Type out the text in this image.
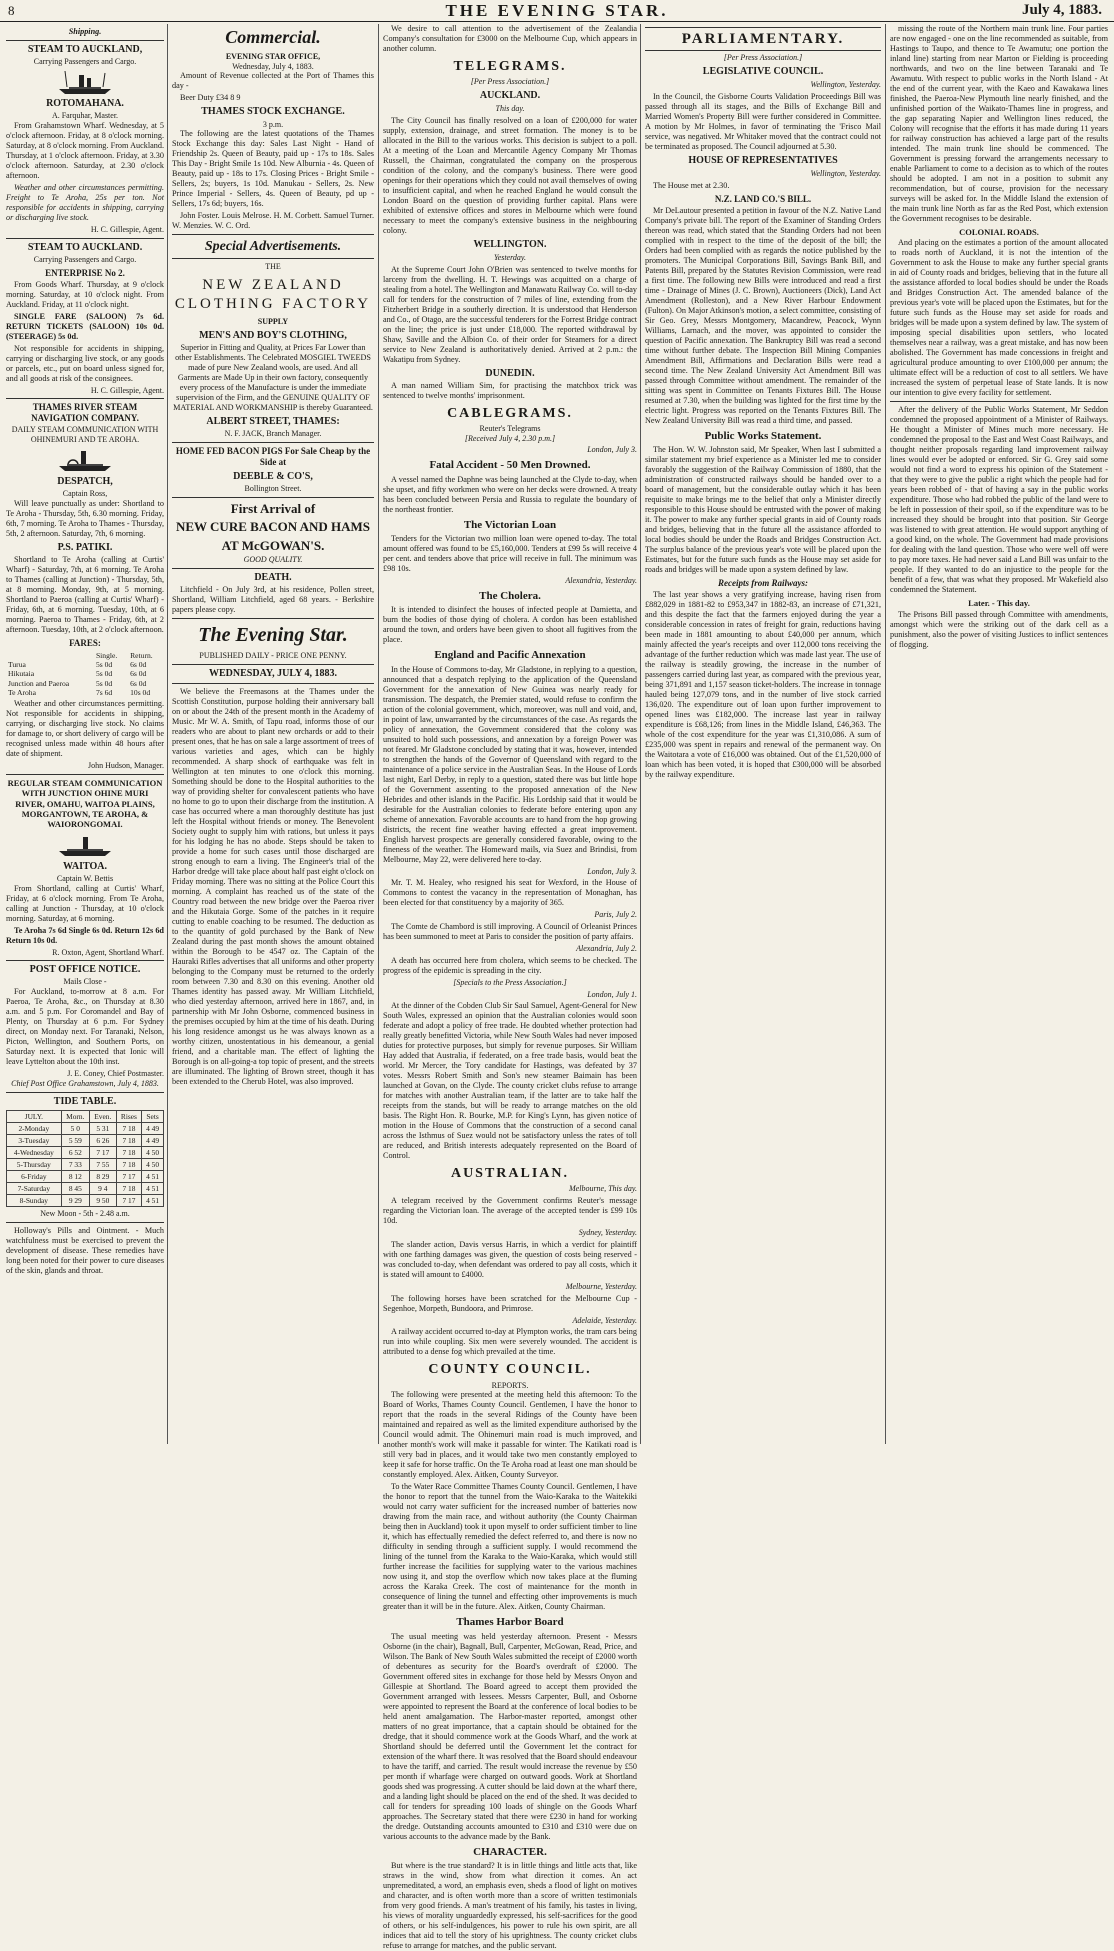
8	THE EVENING STAR.	July 4, 1883.
Shipping.
STEAM TO AUCKLAND,
Carrying Passengers and Cargo.
ROTOMAHANA.
A. Farquhar, Master.

From Grahamstown Wharf. Wednesday, at 5 o'clock afternoon. Friday, at 8 o'clock morning. Saturday, at 8 o'clock morning. From Auckland. Thursday, at 1 o'clock afternoon. Friday, at 3.30 o'clock afternoon. Saturday, at 2.30 o'clock afternoon.

Weather and other circumstances permitting. Freight to Te Aroha, 25s per ton. Not responsible for accidents in shipping, carrying or discharging live stock.

H. C. Gillespie, Agent.
STEAM TO AUCKLAND.
Carrying Passengers and Cargo.
ENTERPRISE No 2.

From Goods Wharf. Thursday, at 9 o'clock morning. Saturday, at 10 o'clock night. From Auckland. Friday, at 11 o'clock night.

SINGLE FARE (SALOON) 7s 6d. RETURN TICKETS (SALOON) 10s 0d. (STEERAGE) 5s 0d.

Not responsible for accidents in shipping, carrying or discharging live stock, or any goods or parcels, etc., put on board unless signed for, and all goods at risk of the consignees.

H. C. Gillespie, Agent.
THAMES RIVER STEAM NAVIGATION COMPANY.
DAILY STEAM COMMUNICATION WITH OHINEMURI AND TE AROHA.
DESPATCH,
Captain Ross,

Will leave punctually as under: Shortland to Te Aroha - Thursday, 5th, 6.30 morning. Friday, 6th, 7 morning. Te Aroha to Thames - Thursday, 5th, 2 afternoon. Saturday, 7th, 6 morning.

P.S. PATIKI.

Shortland to Te Aroha (calling at Curtis' Wharf) - Saturday, 7th, at 6 morning. Te Aroha to Thames (calling at Junction) - Thursday, 5th, at 8 morning. Monday, 9th, at 5 morning. Shortland to Paeroa (calling at Curtis' Wharf) - Friday, 6th, at 6 morning. Tuesday, 10th, at 6 morning. Paeroa to Thames - Friday, 6th, at 2 afternoon. Tuesday, 10th, at 2 o'clock afternoon.

FARES:
	Single.	Return.
Turua	5s 0d	6s 0d
Hikutaia	5s 0d	6s 0d
Junction and Paeroa	5s 0d	6s 0d
Te Aroha	7s 6d	10s 0d

Weather and other circumstances permitting. Not responsible for accidents in shipping, carrying, or discharging live stock. No claims for damage to, or short delivery of cargo will be recognised unless made within 48 hours after date of shipment.

John Hudson, Manager.
REGULAR STEAM COMMUNICATION WITH JUNCTION OHINE MURI RIVER, OMAHU, WAITOA PLAINS, MORGANTOWN, TE AROHA, & WAIORONGOMAI.
WAITOA.
Captain W. Bettis

From Shortland, calling at Curtis' Wharf, Friday, at 6 o'clock morning. From Te Aroha, calling at Junction - Thursday, at 10 o'clock morning. Saturday, at 6 morning.

Te Aroha 7s 6d Single 6s 0d. Return 12s 6d Return 10s 0d.

R. Oxton, Agent, Shortland Wharf.
POST OFFICE NOTICE.
Mails Close -

For Auckland, to-morrow at 8 a.m. For Paeroa, Te Aroha, &c., on Thursday at 8.30 a.m. and 5 p.m. For Coromandel and Bay of Plenty, on Thursday at 6 p.m. For Sydney direct, on Monday next. For Taranaki, Nelson, Picton, Wellington, and Southern Ports, on Saturday next. It is expected that Ionic will leave Lyttelton about the 10th inst.

J. E. Coney, Chief Postmaster.
Chief Post Office Grahamstown, July 4, 1883.
TIDE TABLE.
JULY.	Morn.	Even.	Rises	Sets
2-Monday	5 0	5 31	7 18	4 49
3-Tuesday	5 59	6 26	7 18	4 49
4-Wednesday	6 52	7 17	7 18	4 50
5-Thursday	7 33	7 55	7 18	4 50
6-Friday	8 12	8 29	7 17	4 51
7-Saturday	8 45	9 4	7 18	4 51
8-Sunday	9 29	9 50	7 17	4 51
New Moon - 5th - 2.48 a.m.

Holloway's Pills and Ointment. - Much watchfulness must be exercised to prevent the development of disease. These remedies have long been noted for their power to cure diseases of the skin, glands and throat.

Commercial.
EVENING STAR OFFICE,
Wednesday, July 4, 1883.

Amount of Revenue collected at the Port of Thames this day -

Beer Duty £34 8 9

THAMES STOCK EXCHANGE.
3 p.m.

The following are the latest quotations of the Thames Stock Exchange this day: Sales Last Night - Hand of Friendship 2s. Queen of Beauty, paid up - 17s to 18s. Sales This Day - Bright Smile 1s 10d. New Alburnia - 4s. Queen of Beauty, paid up - 18s to 17s. Closing Prices - Bright Smile - Sellers, 2s; buyers, 1s 10d. Manukau - Sellers, 2s. New Prince Imperial - Sellers, 4s. Queen of Beauty, pd up - Sellers, 17s 6d; buyers, 16s.

John Foster. Louis Melrose. H. M. Corbett. Samuel Turner. W. Menzies. W. C. Ord.

Special Advertisements.
THE
NEW ZEALAND CLOTHING FACTORY
SUPPLY
MEN'S AND BOY'S CLOTHING,

Superior in Fitting and Quality, at Prices Far Lower than other Establishments. The Celebrated MOSGIEL TWEEDS made of pure New Zealand wools, are used. And all Garments are Made Up in their own factory, consequently every process of the Manufacture is under the immediate supervision of the Firm, and the GENUINE QUALITY OF MATERIAL AND WORKMANSHIP is thereby Guaranteed.

ALBERT STREET, THAMES:
N. F. JACK, Branch Manager.
HOME FED BACON PIGS For Sale Cheap by the Side at
DEEBLE & CO'S,
Bollington Street.
First Arrival of
NEW CURE BACON AND HAMS
AT McGOWAN'S.
GOOD QUALITY.
DEATH.

Litchfield - On July 3rd, at his residence, Pollen street, Shortland, William Litchfield, aged 68 years. - Berkshire papers please copy.

The Evening Star.
PUBLISHED DAILY - PRICE ONE PENNY.
WEDNESDAY, JULY 4, 1883.

We believe the Freemasons at the Thames under the Scottish Constitution, purpose holding their anniversary ball on or about the 24th of the present month in the Academy of Music. Mr W. A. Smith, of Tapu road, informs those of our readers who are about to plant new orchards or add to their present ones, that he has on sale a large assortment of trees of various varieties and ages, which can be highly recommended. A sharp shock of earthquake was felt in Wellington at ten minutes to one o'clock this morning. Something should be done to the Hospital authorities to the way of providing shelter for convalescent patients who have no home to go to upon their discharge from the institution. A case has occurred where a man thoroughly destitute has just left the Hospital without friends or money. The Benevolent Society ought to supply him with rations, but unless it pays for his lodging he has no abode. Steps should be taken to provide a home for such cases until those discharged are strong enough to earn a living. The Engineer's trial of the Harbor dredge will take place about half past eight o'clock on Friday morning. There was no sitting at the Police Court this morning. A complaint has reached us of the state of the Country road between the new bridge over the Paeroa river and the Hikutaia Gorge. Some of the patches in it require cutting to enable coaching to be resumed. The deduction as to the quantity of gold purchased by the Bank of New Zealand during the past month shows the amount obtained within the Borough to be 4547 oz. The Captain of the Hauraki Rifles advertises that all uniforms and other property belonging to the Company must be returned to the orderly room between 7.30 and 8.30 on this evening. Another old Thames identity has passed away. Mr William Litchfield, who died yesterday afternoon, arrived here in 1867, and, in partnership with Mr John Osborne, commenced business in the premises occupied by him at the time of his death. During his long residence amongst us he was always known as a worthy citizen, unostentatious in his demeanour, a genial friend, and a charitable man. The effect of lighting the Borough is on all-going-a top topic of present, and the streets are illuminated. The lighting of Brown street, though it has been extended to the Cherub Hotel, was also improved.

We desire to call attention to the advertisement of the Zealandia Company's consultation for £3000 on the Melbourne Cup, which appears in another column.

TELEGRAMS.
[Per Press Association.]
AUCKLAND.
This day.

The City Council has finally resolved on a loan of £200,000 for water supply, extension, drainage, and street formation. The money is to be allocated in the Bill to the various works. This decision is subject to a poll. At a meeting of the Loan and Mercantile Agency Company Mr Thomas Russell, the Chairman, congratulated the company on the prosperous condition of the colony, and the company's business. There were good openings for their operations which they could not avail themselves of owing to insufficient capital, and when he reached England he would consult the London Board on the question of providing further capital. Plans were exhibited of extensive offices and stores in Melbourne which were found necessary to meet the company's extensive business in the neighbouring colony.

WELLINGTON.
Yesterday.

At the Supreme Court John O'Brien was sentenced to twelve months for larceny from the dwelling. H. T. Hewings was acquitted on a charge of stealing from a hotel. The Wellington and Manawatu Railway Co. will to-day call for tenders for the construction of 7 miles of line, extending from the Fitzherbert Bridge in a southerly direction. It is understood that Henderson and Co., of Otago, are the successful tenderers for the Forrest Bridge contract on the line; the price is just under £18,000. The reported withdrawal by Shaw, Saville and the Albion Co. of their order for Steamers for a direct service to New Zealand is authoritatively denied. Arrived at 2 p.m.: the Wakatipu from Sydney.

DUNEDIN.

A man named William Sim, for practising the matchbox trick was sentenced to twelve months' imprisonment.

CABLEGRAMS.
Reuter's Telegrams
[Received July 4, 2.30 p.m.]
London, July 3.
Fatal Accident - 50 Men Drowned.

A vessel named the Daphne was being launched at the Clyde to-day, when she upset, and fifty workmen who were on her decks were drowned. A treaty has been concluded between Persia and Russia to regulate the boundary of the northeast frontier.

The Victorian Loan

Tenders for the Victorian two million loan were opened to-day. The total amount offered was found to be £5,160,000. Tenders at £99 5s will receive 4 per cent. and tenders above that price will receive in full. The minimum was £98 10s.

Alexandria, Yesterday.
The Cholera.

It is intended to disinfect the houses of infected people at Damietta, and burn the bodies of those dying of cholera. A cordon has been established around the town, and orders have been given to shoot all fugitives from the place.

England and Pacific Annexation

In the House of Commons to-day, Mr Gladstone, in replying to a question, announced that a despatch replying to the application of the Queensland Government for the annexation of New Guinea was nearly ready for transmission. The despatch, the Premier stated, would refuse to confirm the action of the colonial government, which, moreover, was null and void, and, in point of law, unwarranted by the circumstances of the case. As regards the policy of annexation, the Government considered that the colony was unsuited to hold such possessions, and annexation by a foreign Power was not feared. Mr Gladstone concluded by stating that it was, however, intended to strengthen the hands of the Governor of Queensland with regard to the maintenance of a police service in the Australian Seas. In the House of Lords last night, Earl Derby, in reply to a question, stated there was but little hope of the Government assenting to the proposed annexation of the New Hebrides and other islands in the Pacific. His Lordship said that it would be desirable for the Australian colonies to federate before entering upon any scheme of annexation. Favorable accounts are to hand from the hop growing districts, the recent fine weather having effected a great improvement. English harvest prospects are generally considered favorable, owing to the fineness of the weather. The Homeward mails, via Suez and Brindisi, from Melbourne, May 22, were delivered here to-day.

London, July 3.

Mr. T. M. Healey, who resigned his seat for Wexford, in the House of Commons to contest the vacancy in the representation of Monaghan, has been elected for that constituency by a majority of 365.

Paris, July 2.

The Comte de Chambord is still improving. A Council of Orleanist Princes has been summoned to meet at Paris to consider the position of party affairs.

Alexandria, July 2.

A death has occurred here from cholera, which seems to be checked. The progress of the epidemic is spreading in the city.

[Specials to the Press Association.]
London, July 1.

At the dinner of the Cobden Club Sir Saul Samuel, Agent-General for New South Wales, expressed an opinion that the Australian colonies would soon federate and adopt a policy of free trade. He doubted whether protection had really greatly benefitted Victoria, while New South Wales had never imposed duties for protective purposes, but simply for revenue purposes. Sir William Hay added that Australia, if federated, on a free trade basis, would beat the world. Mr Mercer, the Tory candidate for Hastings, was defeated by 37 votes. Messrs Robert Smith and Son's new steamer Baimain has been launched at Govan, on the Clyde. The county cricket clubs refuse to arrange for matches with another Australian team, if the latter are to take half the receipts from the stands, but will be ready to arrange matches on the old basis. The Right Hon. R. Bourke, M.P. for King's Lynn, has given notice of motion in the House of Commons that the construction of a second canal across the Isthmus of Suez would not be satisfactory unless the rates of toll are reduced, and British interests adequately represented on the Board of Control.

AUSTRALIAN.
Melbourne, This day.

A telegram received by the Government confirms Reuter's message regarding the Victorian loan. The average of the accepted tender is £99 10s 10d.

Sydney, Yesterday.

The slander action, Davis versus Harris, in which a verdict for plaintiff with one farthing damages was given, the question of costs being reserved - was concluded to-day, when defendant was ordered to pay all costs, which it is stated will amount to £4000.

Melbourne, Yesterday.

The following horses have been scratched for the Melbourne Cup - Segenhoe, Morpeth, Bundoora, and Primrose.

Adelaide, Yesterday.

A railway accident occurred to-day at Plympton works, the tram cars being run into while coupling. Six men were severely wounded. The accident is attributed to a dense fog which prevailed at the time.

COUNTY COUNCIL.
REPORTS.

The following were presented at the meeting held this afternoon: To the Board of Works, Thames County Council. Gentlemen, I have the honor to report that the roads in the several Ridings of the County have been maintained and repaired as well as the limited expenditure authorised by the Council would admit. The Ohinemuri main road is much improved, and another month's work will make it passable for winter. The Katikati road is still very bad in places, and it would take two men constantly employed to keep it safe for horse traffic. On the Te Aroha road at least one man should be constantly employed. Alex. Aitken, County Surveyor.

To the Water Race Committee Thames County Council. Gentlemen, I have the honor to report that the tunnel from the Waio-Karaka to the Waitekiki would not carry water sufficient for the increased number of batteries now drawing from the main race, and without authority (the County Chairman being then in Auckland) took it upon myself to order sufficient timber to line it, which has effectually remedied the defect referred to, and there is now no difficulty in sending through a sufficient supply. I would recommend the lining of the tunnel from the Karaka to the Waio-Karaka, which would still further increase the facilities for supplying water to the various machines now using it, and stop the overflow which now takes place at the fluming across the Karaka Creek. The cost of maintenance for the month in consequence of lining the tunnel and effecting other improvements is much greater than it will be in the future. Alex. Aitken, County Chairman.

Thames Harbor Board

The usual meeting was held yesterday afternoon. Present - Messrs Osborne (in the chair), Bagnall, Bull, Carpenter, McGowan, Read, Price, and Wilson. The Bank of New South Wales submitted the receipt of £2000 worth of debentures as security for the Board's overdraft of £2000. The Government offered sites in exchange for those held by Messrs Onyon and Gillespie at Shortland. The Board agreed to accept them provided the Government arranged with lessees. Messrs Carpenter, Bull, and Osborne were appointed to represent the Board at the conference of local bodies to be held anent amalgamation. The Harbor-master reported, amongst other matters of no great importance, that a captain should be obtained for the dredge, that it should commence work at the Goods Wharf, and the work at Shortland should be deferred until the Government let the contract for extension of the wharf there. It was resolved that the Board should endeavour to have the tariff, and carried. The result would increase the revenue by £50 per month if wharfage were charged on outward goods. Work at Shortland goods shed was progressing. A cutter should be laid down at the wharf there, and a landing light should be placed on the end of the shed. It was decided to call for tenders for spreading 100 loads of shingle on the Goods Wharf approaches. The Secretary stated that there were £230 in hand for working the dredge. Outstanding accounts amounted to £310 and £310 were due on various accounts to the advance made by the Bank.

CHARACTER.

But where is the true standard? It is in little things and little acts that, like straws in the wind, show from what direction it comes. An act unpremeditated, a word, an emphasis even, sheds a flood of light on motives and character, and is often worth more than a score of written testimonials from very good friends. A man's treatment of his family, his tastes in living, his views of morality unguardedly expressed, his self-sacrifices for the good of others, or his self-indulgences, his power to rule his own spirit, are all indices that aid to tell the story of his uprightness. The county cricket clubs refuse to arrange for matches, and the public servant.

PARLIAMENTARY.
[Per Press Association.]
LEGISLATIVE COUNCIL.
Wellington, Yesterday.

In the Council, the Gisborne Courts Validation Proceedings Bill was passed through all its stages, and the Bills of Exchange Bill and Married Women's Property Bill were further considered in Committee. A motion by Mr Holmes, in favor of terminating the 'Frisco Mail service, was negatived. Mr Whitaker moved that the contract could not be terminated as proposed. The Council adjourned at 5.30.

HOUSE OF REPRESENTATIVES
Wellington, Yesterday.

The House met at 2.30.

N.Z. LAND CO.'S BILL.

Mr DeLautour presented a petition in favour of the N.Z. Native Land Company's private bill. The report of the Examiner of Standing Orders thereon was read, which stated that the Standing Orders had not been complied with in respect to the time of the deposit of the bill; the Orders had been complied with as regards the notice published by the promoters. The Municipal Corporations Bill, Savings Bank Bill, and Patents Bill, prepared by the Statutes Revision Commission, were read a first time. The following new Bills were introduced and read a first time - Drainage of Mines (J. C. Brown), Auctioneers (Dick), Land Act Amendment (Rolleston), and a New River Harbour Endowment (Fulton). On Major Atkinson's motion, a select committee, consisting of Sir Geo. Grey, Messrs Montgomery, Macandrew, Peacock, Wynn Williams, Larnach, and the mover, was appointed to consider the question of Pacific annexation. The Bankruptcy Bill was read a second time without further debate. The Inspection Bill Mining Companies Amendment Bill, Affirmations and Declaration Bills were read a second time. The New Zealand University Act Amendment Bill was passed through Committee without amendment. The remainder of the sitting was spent in Committee on Tenants Fixtures Bill. The House resumed at 7.30, when the building was lighted for the first time by the electric light. Progress was reported on the Tenants Fixtures Bill. The New Zealand University Bill was read a third time, and passed.

Public Works Statement.

The Hon. W. W. Johnston said, Mr Speaker, When last I submitted a similar statement my brief experience as a Minister led me to consider favorably the suggestion of the Railway Commission of 1880, that the administration of constructed railways should be handed over to a board of management, but the considerable outlay which it has been requisite to make brings me to the belief that only a Minister directly responsible to this House should be entrusted with the power of making it. The power to make any further special grants in aid of County roads and bridges, believing that in the future all the assistance afforded to local bodies should be under the Roads and Bridges Construction Act. The surplus balance of the previous year's vote will be placed upon the Estimates, but for the future such funds as the House may set aside for roads and bridges will be made upon a system defined by law.

Receipts from Railways:

The last year shows a very gratifying increase, having risen from £882,029 in 1881-82 to £953,347 in 1882-83, an increase of £71,321, and this despite the fact that the farmers enjoyed during the year a considerable concession in rates of freight for grain, reductions having been made in 1881 amounting to about £40,000 per annum, which mainly affected the year's receipts and over 112,000 tons receiving the advantage of the further reduction which was made last year. The use of the railway is steadily growing, the increase in the number of passengers carried during last year, as compared with the previous year, being 371,891 and 1,157 season ticket-holders. The increase in tonnage hauled being 127,079 tons, and in the number of live stock carried 136,020. The expenditure out of loan upon further improvement to opened lines was £182,000. The increase last year in railway expenditure is £68,126; from lines in the Middle Island, £46,363. The whole of the cost expenditure for the year was £1,310,086. A sum of £235,000 was spent in repairs and renewal of the permanent way. On the Waitotara a vote of £16,000 was obtained. Out of the £1,520,000 of loan which has been voted, it is hoped that £300,000 will be absorbed by the railway expenditure.

missing the route of the Northern main trunk line. Four parties are now engaged - one on the line recommended as suitable, from Hastings to Taupo, and thence to Te Awamutu; one portion the inland line) starting from near Marton or Fielding is proceeding northwards, and two on the line between Taranaki and Te Awamutu. With respect to public works in the North Island - At the end of the current year, with the Kaeo and Kawakawa lines finished, the Paeroa-New Plymouth line nearly finished, and the unfinished portion of the Waikato-Thames line in progress, and the gap separating Napier and Wellington lines reduced, the Colony will recognise that the efforts it has made during 11 years for railway construction has achieved a large part of the results intended. The main trunk line should be commenced. The Government is pressing forward the arrangements necessary to enable Parliament to come to a decision as to which of the routes should be adopted. I am not in a position to submit any recommendation, but of course, provision for the necessary surveys will be asked for. In the Middle Island the extension of the main trunk line North as far as the Red Post, which extension the Government recognises to be desirable.

COLONIAL ROADS.

And placing on the estimates a portion of the amount allocated to roads north of Auckland, it is not the intention of the Government to ask the House to make any further special grants in aid of County roads and bridges, believing that in the future all the assistance afforded to local bodies should be under the Roads and Bridges Construction Act. The amended balance of the previous year's vote will be placed upon the Estimates, but for the future such funds as the House may set aside for roads and bridges will be made upon a system defined by law. The system of imposing special disabilities upon settlers, who located themselves near a railway, was a great mistake, and has now been abolished. The Government has made concessions in freight and agricultural produce amounting to over £100,000 per annum; the ultimate effect will be a reduction of cost to all settlers. We have increased the system of perpetual lease of State lands. It is now our intention to give every facility for settlement.

After the delivery of the Public Works Statement, Mr Seddon condemned the proposed appointment of a Minister of Railways. He thought a Minister of Mines much more necessary. He condemned the proposal to the East and West Coast Railways, and thought neither proposals regarding land improvement railway lines would ever be adopted or enforced. Sir G. Grey said some would not find a word to express his opinion of the Statement - that they were to give the public a right which the people had for years been robbed of - that of having a say in the public works expenditure. Those who had robbed the public of the land were to be left in possession of their spoil, so if the expenditure was to be increased they should be brought into that position. Sir George was listened to with great attention. He would support anything of a good kind, on the whole. The Government had made provisions for dealing with the land question. Those who were well off were to pay more taxes. He had never said a Land Bill was unfair to the people. If they wanted to do an injustice to the people for the benefit of a few, that was what they proposed. Mr Wakefield also condemned the Statement.

Later. - This day.

The Prisons Bill passed through Committee with amendments, amongst which were the striking out of the dark cell as a punishment, also the power of visiting Justices to inflict sentences of flogging.
